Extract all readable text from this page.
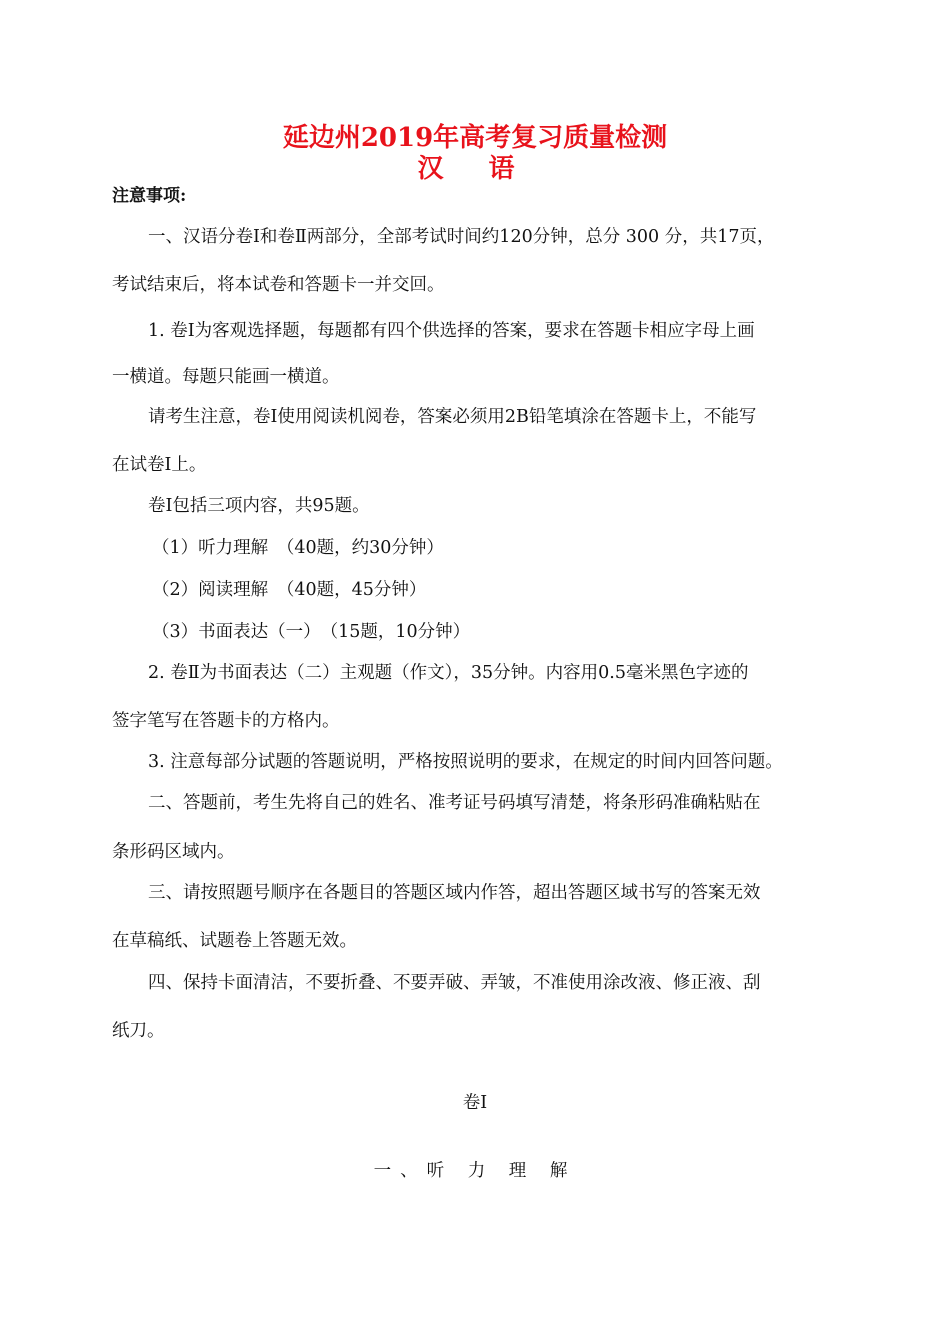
延边州2019年高考复习质量检测
汉 语
注意事项:
一、汉语分卷Ⅰ和卷Ⅱ两部分，全部考试时间约120分钟，总分 300 分，共17页，
考试结束后，将本试卷和答题卡一并交回。
1. 卷Ⅰ为客观选择题，每题都有四个供选择的答案，要求在答题卡相应字母上画
一横道。每题只能画一横道。
请考生注意，卷Ⅰ使用阅读机阅卷，答案必须用2B铅笔填涂在答题卡上，不能写
在试卷Ⅰ上。
卷Ⅰ包括三项内容，共95题。
（1）听力理解　（40题，约30分钟）
（2）阅读理解　（40题，45分钟）
（3）书面表达（一）　（15题，10分钟）
2. 卷Ⅱ为书面表达（二）主观题（作文），35分钟。内容用0.5毫米黑色字迹的
签字笔写在答题卡的方格内。
3. 注意每部分试题的答题说明，严格按照说明的要求，在规定的时间内回答问题。
二、答题前，考生先将自己的姓名、准考证号码填写清楚，将条形码准确粘贴在
条形码区域内。
三、请按照题号顺序在各题目的答题区域内作答，超出答题区域书写的答案无效
在草稿纸、试题卷上答题无效。
四、保持卡面清洁，不要折叠、不要弄破、弄皱，不准使用涂改液、修正液、刮
纸刀。
卷Ⅰ
一、听 力 理 解
